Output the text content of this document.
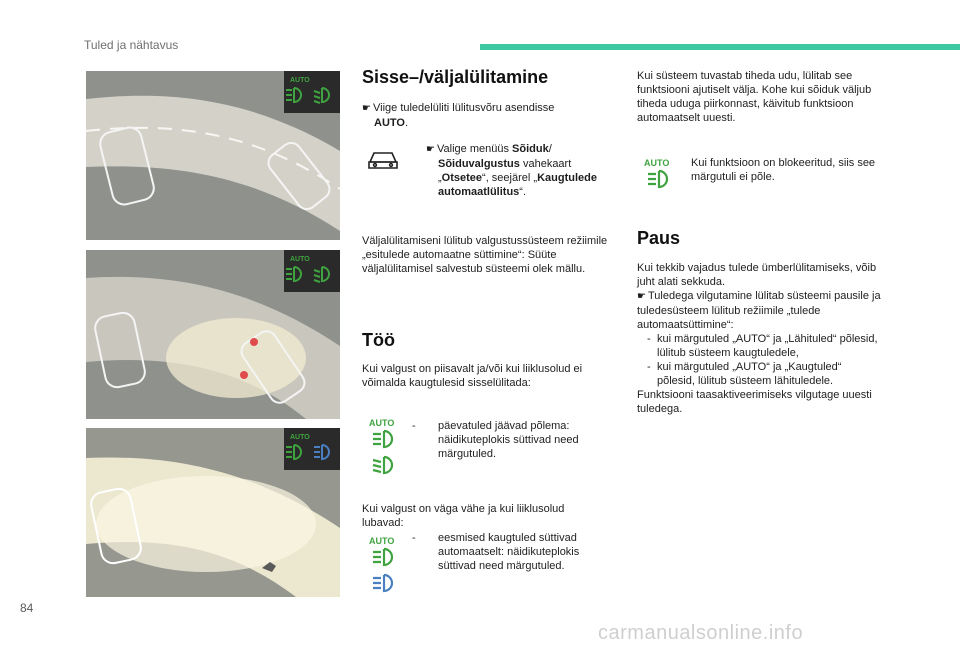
Tuled ja nähtavus
AUTO
AUTO
AUTO
Sisse–/väljalülitamine
☛ Viige tuledelüliti lülitusvõru asendisse
AUTO.
☛ Valige menüüs Sõiduk/
Sõiduvalgustus vahekaart „Otsetee“, seejärel „Kaugtulede automaatlülitus“.
Väljalülitamiseni lülitub valgustussüsteem režiimile „esitulede automaatne süttimine“: Süüte väljalülitamisel salvestub süsteemi olek mällu.
Töö
Kui valgust on piisavalt ja/või kui liiklusolud ei võimalda kaugtulesid sisselülitada:
AUTO -	päevatuled jäävad põlema: näidikuteplokis süttivad need märgutuled.
Kui valgust on väga vähe ja kui liiklusolud lubavad:
AUTO -	eesmised kaugtuled süttivad automaatselt: näidikuteplokis süttivad need märgutuled.
Kui süsteem tuvastab tiheda udu, lülitab see funktsiooni ajutiselt välja. Kohe kui sõiduk väljub tiheda uduga piirkonnast, käivitub funktsioon automaatselt uuesti.
AUTO Kui funktsioon on blokeeritud, siis see märgutuli ei põle.
Paus
Kui tekkib vajadus tulede ümberlülitamiseks, võib juht alati sekkuda.
☛ Tuledega vilgutamine lülitab süsteemi pausile ja tuledesüsteem lülitub režiimile „tulede automaatsüttimine“:
- kui märgutuled „AUTO“ ja „Lähituled“ põlesid, lülitub süsteem kaugtuledele,
- kui märgutuled „AUTO“ ja „Kaugtuled“ põlesid, lülitub süsteem lähituledele.
Funktsiooni taasaktiveerimiseks vilgutage uuesti tuledega.
84
carmanualsonline.info
